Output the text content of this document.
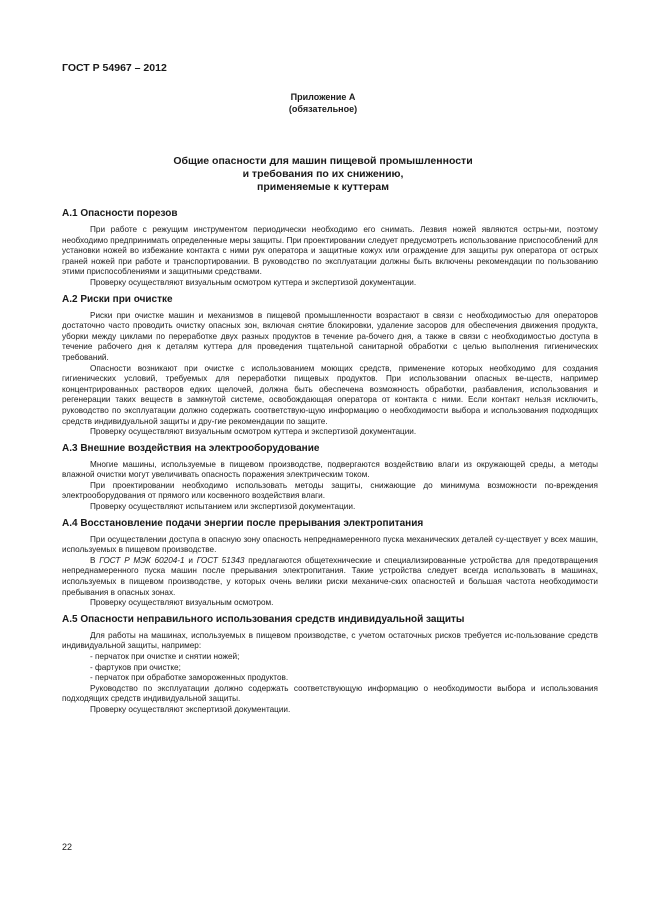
ГОСТ Р 54967 – 2012
Приложение А
(обязательное)
Общие опасности для машин пищевой промышленности
и требования по их снижению,
применяемые к куттерам
А.1 Опасности порезов

При работе с режущим инструментом периодически необходимо его снимать. Лезвия ножей являются остры-ми, поэтому необходимо предпринимать определенные меры защиты. При проектировании следует предусмотреть использование приспособлений для установки ножей во избежание контакта с ними рук оператора и защитные кожух или ограждение для защиты рук оператора от острых граней ножей при работе и транспортировании. В руководство по эксплуатации должны быть включены рекомендации по пользованию этими приспособлениями и защитными средствами.

Проверку осуществляют визуальным осмотром куттера и экспертизой документации.

А.2 Риски при очистке

Риски при очистке машин и механизмов в пищевой промышленности возрастают в связи с необходимостью для операторов достаточно часто проводить очистку опасных зон, включая снятие блокировки, удаление засоров для обеспечения движения продукта, уборки между циклами по переработке двух разных продуктов в течение ра-бочего дня, а также в связи с необходимостью доступа в течение рабочего дня к деталям куттера для проведения тщательной санитарной обработки с целью выполнения гигиенических требований.

Опасности возникают при очистке с использованием моющих средств, применение которых необходимо для создания гигиенических условий, требуемых для переработки пищевых продуктов. При использовании опасных ве-ществ, например концентрированных растворов едких щелочей, должна быть обеспечена возможность обработки, разбавления, использования и регенерации таких веществ в замкнутой системе, освобождающая оператора от контакта с ними. Если контакт нельзя исключить, руководство по эксплуатации должно содержать соответствую-щую информацию о необходимости выбора и использования подходящих средств индивидуальной защиты и дру-гие рекомендации по защите.

Проверку осуществляют визуальным осмотром куттера и экспертизой документации.

А.3 Внешние воздействия на электрооборудование

Многие машины, используемые в пищевом производстве, подвергаются воздействию влаги из окружающей среды, а методы влажной очистки могут увеличивать опасность поражения электрическим током.

При проектировании необходимо использовать методы защиты, снижающие до минимума возможности по-вреждения электрооборудования от прямого или косвенного воздействия влаги.

Проверку осуществляют испытанием или экспертизой документации.

А.4 Восстановление подачи энергии после прерывания электропитания

При осуществлении доступа в опасную зону опасность непреднамеренного пуска механических деталей су-ществует у всех машин, используемых в пищевом производстве.

В ГОСТ Р МЭК 60204-1 и ГОСТ 51343 предлагаются общетехнические и специализированные устройства для предотвращения непреднамеренного пуска машин после прерывания электропитания. Такие устройства следует всегда использовать в машинах, используемых в пищевом производстве, у которых очень велики риски механиче-ских опасностей и большая частота необходимости пребывания в опасных зонах.

Проверку осуществляют визуальным осмотром.

А.5 Опасности неправильного использования средств индивидуальной защиты

Для работы на машинах, используемых в пищевом производстве, с учетом остаточных рисков требуется ис-пользование средств индивидуальной защиты, например:

- перчаток при очистке и снятии ножей;

- фартуков при очистке;

- перчаток при обработке замороженных продуктов.

Руководство по эксплуатации должно содержать соответствующую информацию о необходимости выбора и использования подходящих средств индивидуальной защиты.

Проверку осуществляют экспертизой документации.

22
